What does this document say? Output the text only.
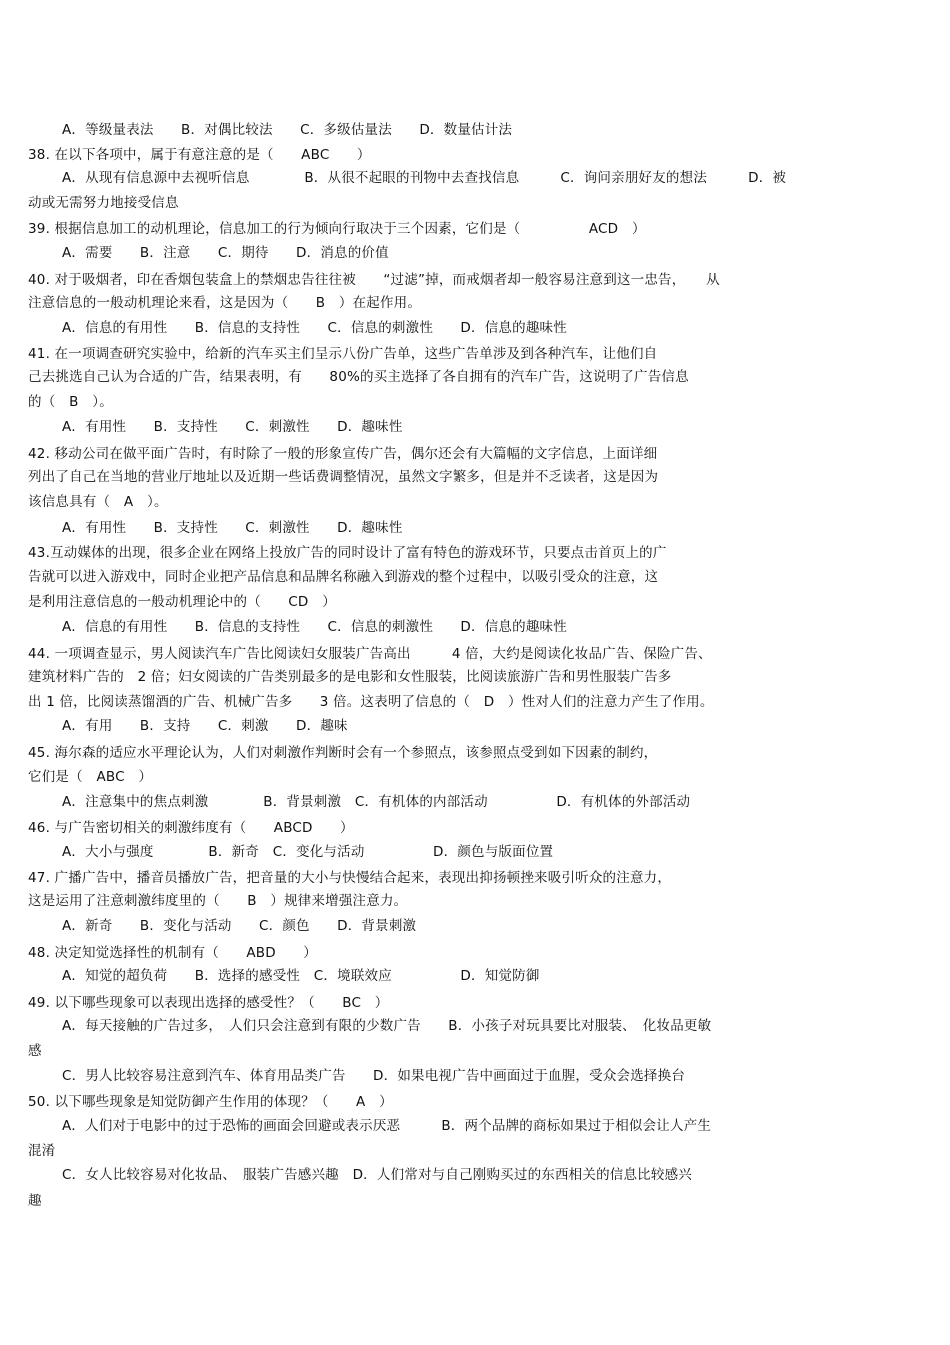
A．等级量表法　　B．对偶比较法　　C．多级估量法　　D．数量估计法
38. 在以下各项中，属于有意注意的是（　　ABC　　）
A．从现有信息源中去视听信息　　　　B．从很不起眼的刊物中去查找信息　　　C．询问亲朋好友的想法　　　D．被
动或无需努力地接受信息
39. 根据信息加工的动机理论，信息加工的行为倾向行取决于三个因素，它们是（　　　　　ACD　）
A．需要　　B．注意　　C．期待　　D．消息的价值
40. 对于吸烟者，印在香烟包装盒上的禁烟忠告往往被　　“过滤”掉，而戒烟者却一般容易注意到这一忠告，　　从
注意信息的一般动机理论来看，这是因为（　　B　）在起作用。
A．信息的有用性　　B．信息的支持性　　C．信息的刺激性　　D．信息的趣味性
41. 在一项调查研究实验中，给新的汽车买主们呈示八份广告单，这些广告单涉及到各种汽车，让他们自
己去挑选自己认为合适的广告，结果表明，有　　80%的买主选择了各自拥有的汽车广告，这说明了广告信息
的（　B　）。
A．有用性　　B．支持性　　C．刺激性　　D．趣味性
42. 移动公司在做平面广告时，有时除了一般的形象宣传广告，偶尔还会有大篇幅的文字信息，上面详细
列出了自己在当地的营业厅地址以及近期一些话费调整情况，虽然文字繁多，但是并不乏读者，这是因为
该信息具有（　A　）。
A．有用性　　B．支持性　　C．刺激性　　D．趣味性
43.互动媒体的出现，很多企业在网络上投放广告的同时设计了富有特色的游戏环节，只要点击首页上的广
告就可以进入游戏中，同时企业把产品信息和品牌名称融入到游戏的整个过程中，以吸引受众的注意，这
是利用注意信息的一般动机理论中的（　　CD　）
A．信息的有用性　　B．信息的支持性　　C．信息的刺激性　　D．信息的趣味性
44. 一项调查显示，男人阅读汽车广告比阅读妇女服装广告高出　　　4 倍，大约是阅读化妆品广告、保险广告、
建筑材料广告的　2 倍；妇女阅读的广告类别最多的是电影和女性服装，比阅读旅游广告和男性服装广告多
出 1 倍，比阅读蒸馏酒的广告、机械广告多　　3 倍。这表明了信息的（　D　）性对人们的注意力产生了作用。
A．有用　　B．支持　　C．刺激　　D．趣味
45. 海尔森的适应水平理论认为，人们对刺激作判断时会有一个参照点，该参照点受到如下因素的制约，
它们是（　ABC　）
A．注意集中的焦点刺激　　　　B．背景刺激　C．有机体的内部活动　　　　　D．有机体的外部活动
46. 与广告密切相关的刺激纬度有（　　ABCD　　）
A．大小与强度　　　　B．新奇　C．变化与活动　　　　　D．颜色与版面位置
47. 广播广告中，播音员播放广告，把音量的大小与快慢结合起来，表现出抑扬顿挫来吸引听众的注意力，
这是运用了注意刺激纬度里的（　　B　）规律来增强注意力。
A．新奇　　B．变化与活动　　C．颜色　　D．背景刺激
48. 决定知觉选择性的机制有（　　ABD　　）
A．知觉的超负荷　　B．选择的感受性　C．境联效应　　　　　D．知觉防御
49. 以下哪些现象可以表现出选择的感受性？（　　BC　）
A．每天接触的广告过多，　人们只会注意到有限的少数广告　　B．小孩子对玩具要比对服装、　化妆品更敏
感
C．男人比较容易注意到汽车、体育用品类广告　　D．如果电视广告中画面过于血腥，受众会选择换台
50. 以下哪些现象是知觉防御产生作用的体现？（　　A　）
A．人们对于电影中的过于恐怖的画面会回避或表示厌恶　　　B．两个品牌的商标如果过于相似会让人产生
混淆
C．女人比较容易对化妆品、　服装广告感兴趣　D．人们常对与自己刚购买过的东西相关的信息比较感兴
趣
